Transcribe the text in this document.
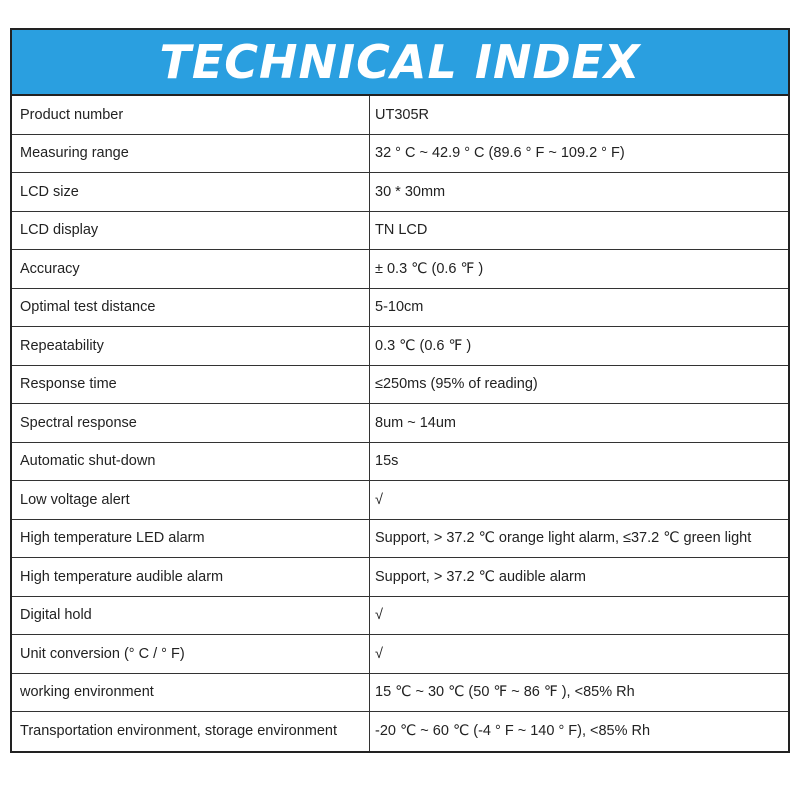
TECHNICAL INDEX
Product number	UT305R
Measuring range	32 ° C ~ 42.9 ° C (89.6 ° F ~ 109.2 ° F)
LCD size	30 * 30mm
LCD display	TN LCD
Accuracy	± 0.3 ℃ (0.6 ℉ )
Optimal test distance	5-10cm
Repeatability	0.3 ℃ (0.6 ℉ )
Response time	≤250ms (95% of reading)
Spectral response	8um ~ 14um
Automatic shut-down	15s
Low voltage alert	√
High temperature LED alarm	Support, > 37.2 ℃ orange light alarm, ≤37.2 ℃ green light
High temperature audible alarm	Support, > 37.2 ℃ audible alarm
Digital hold	√
Unit conversion (° C / ° F)	√
working environment	15 ℃ ~ 30 ℃ (50 ℉ ~ 86 ℉ ), <85% Rh
Transportation environment, storage environment	-20 ℃ ~ 60 ℃ (-4 ° F ~ 140 ° F), <85% Rh
